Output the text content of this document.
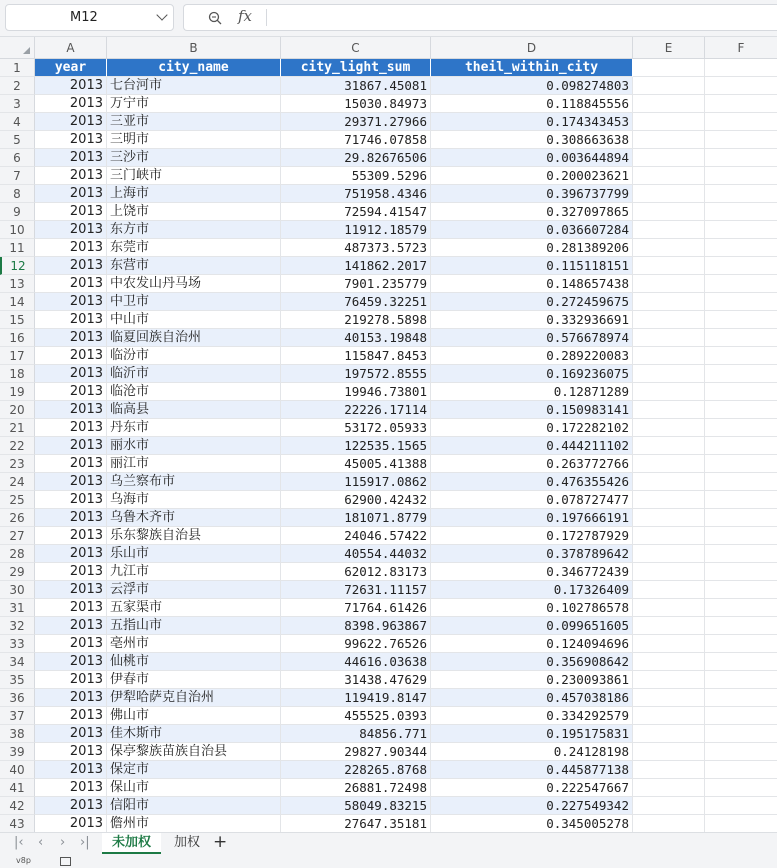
M12	fx
A	B	C	D	E	F
1	year	city_name	city_light_sum	theil_within_city
2	2013 七台河市	31867.45081	0.098274803
3	2013 万宁市	15030.84973	0.118845556
4	2013 三亚市	29371.27966	0.174343453
5	2013 三明市	71746.07858	0.308663638
6	2013 三沙市	29.82676506	0.003644894
7	2013 三门峡市	55309.5296	0.200023621
8	2013 上海市	751958.4346	0.396737799
9	2013 上饶市	72594.41547	0.327097865
10	2013 东方市	11912.18579	0.036607284
11	2013 东莞市	487373.5723	0.281389206
12	2013 东营市	141862.2017	0.115118151
13	2013 中农发山丹马场	7901.235779	0.148657438
14	2013 中卫市	76459.32251	0.272459675
15	2013 中山市	219278.5898	0.332936691
16	2013 临夏回族自治州	40153.19848	0.576678974
17	2013 临汾市	115847.8453	0.289220083
18	2013 临沂市	197572.8555	0.169236075
19	2013 临沧市	19946.73801	0.12871289
20	2013 临高县	22226.17114	0.150983141
21	2013 丹东市	53172.05933	0.172282102
22	2013 丽水市	122535.1565	0.444211102
23	2013 丽江市	45005.41388	0.263772766
24	2013 乌兰察布市	115917.0862	0.476355426
25	2013 乌海市	62900.42432	0.078727477
26	2013 乌鲁木齐市	181071.8779	0.197666191
27	2013 乐东黎族自治县	24046.57422	0.172787929
28	2013 乐山市	40554.44032	0.378789642
29	2013 九江市	62012.83173	0.346772439
30	2013 云浮市	72631.11157	0.17326409
31	2013 五家渠市	71764.61426	0.102786578
32	2013 五指山市	8398.963867	0.099651605
33	2013 亳州市	99622.76526	0.124094696
34	2013 仙桃市	44616.03638	0.356908642
35	2013 伊春市	31438.47629	0.230093861
36	2013 伊犁哈萨克自治州	119419.8147	0.457038186
37	2013 佛山市	455525.0393	0.334292579
38	2013 佳木斯市	84856.771	0.195175831
39	2013 保亭黎族苗族自治县	29827.90344	0.24128198
40	2013 保定市	228265.8768	0.445877138
41	2013 保山市	26881.72498	0.222547667
42	2013 信阳市	58049.83215	0.227549342
43	2013 儋州市	27647.35181	0.345005278
|‹ ‹ › ›|	未加权	加权 +
v8p
